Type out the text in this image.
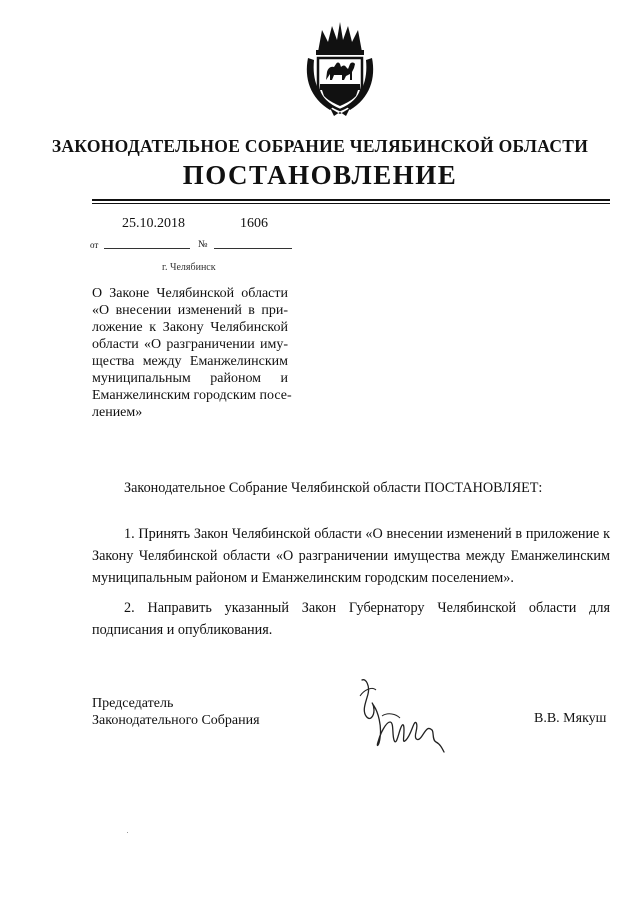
ЗАКОНОДАТЕЛЬНОЕ СОБРАНИЕ ЧЕЛЯБИНСКОЙ ОБЛАСТИ
ПОСТАНОВЛЕНИЕ
25.10.2018	1606
от	№
г. Челябинск
О Законе Челябинской области
«О внесении изменений в при-
ложение к Закону Челябинской
области «О разграничении иму-
щества между Еманжелинским
муниципальным районом и
Еманжелинским городским посе-
лением»
Законодательное Собрание Челябинской области ПОСТАНОВЛЯЕТ:
1. Принять Закон Челябинской области «О внесении изменений в приложение к
Закону Челябинской области «О разграничении имущества между Еманжелинским
муниципальным районом и Еманжелинским городским поселением».
2. Направить указанный Закон Губернатору Челябинской области для
подписания и опубликования.
Председатель
Законодательного Собрания	В.В. Мякуш
